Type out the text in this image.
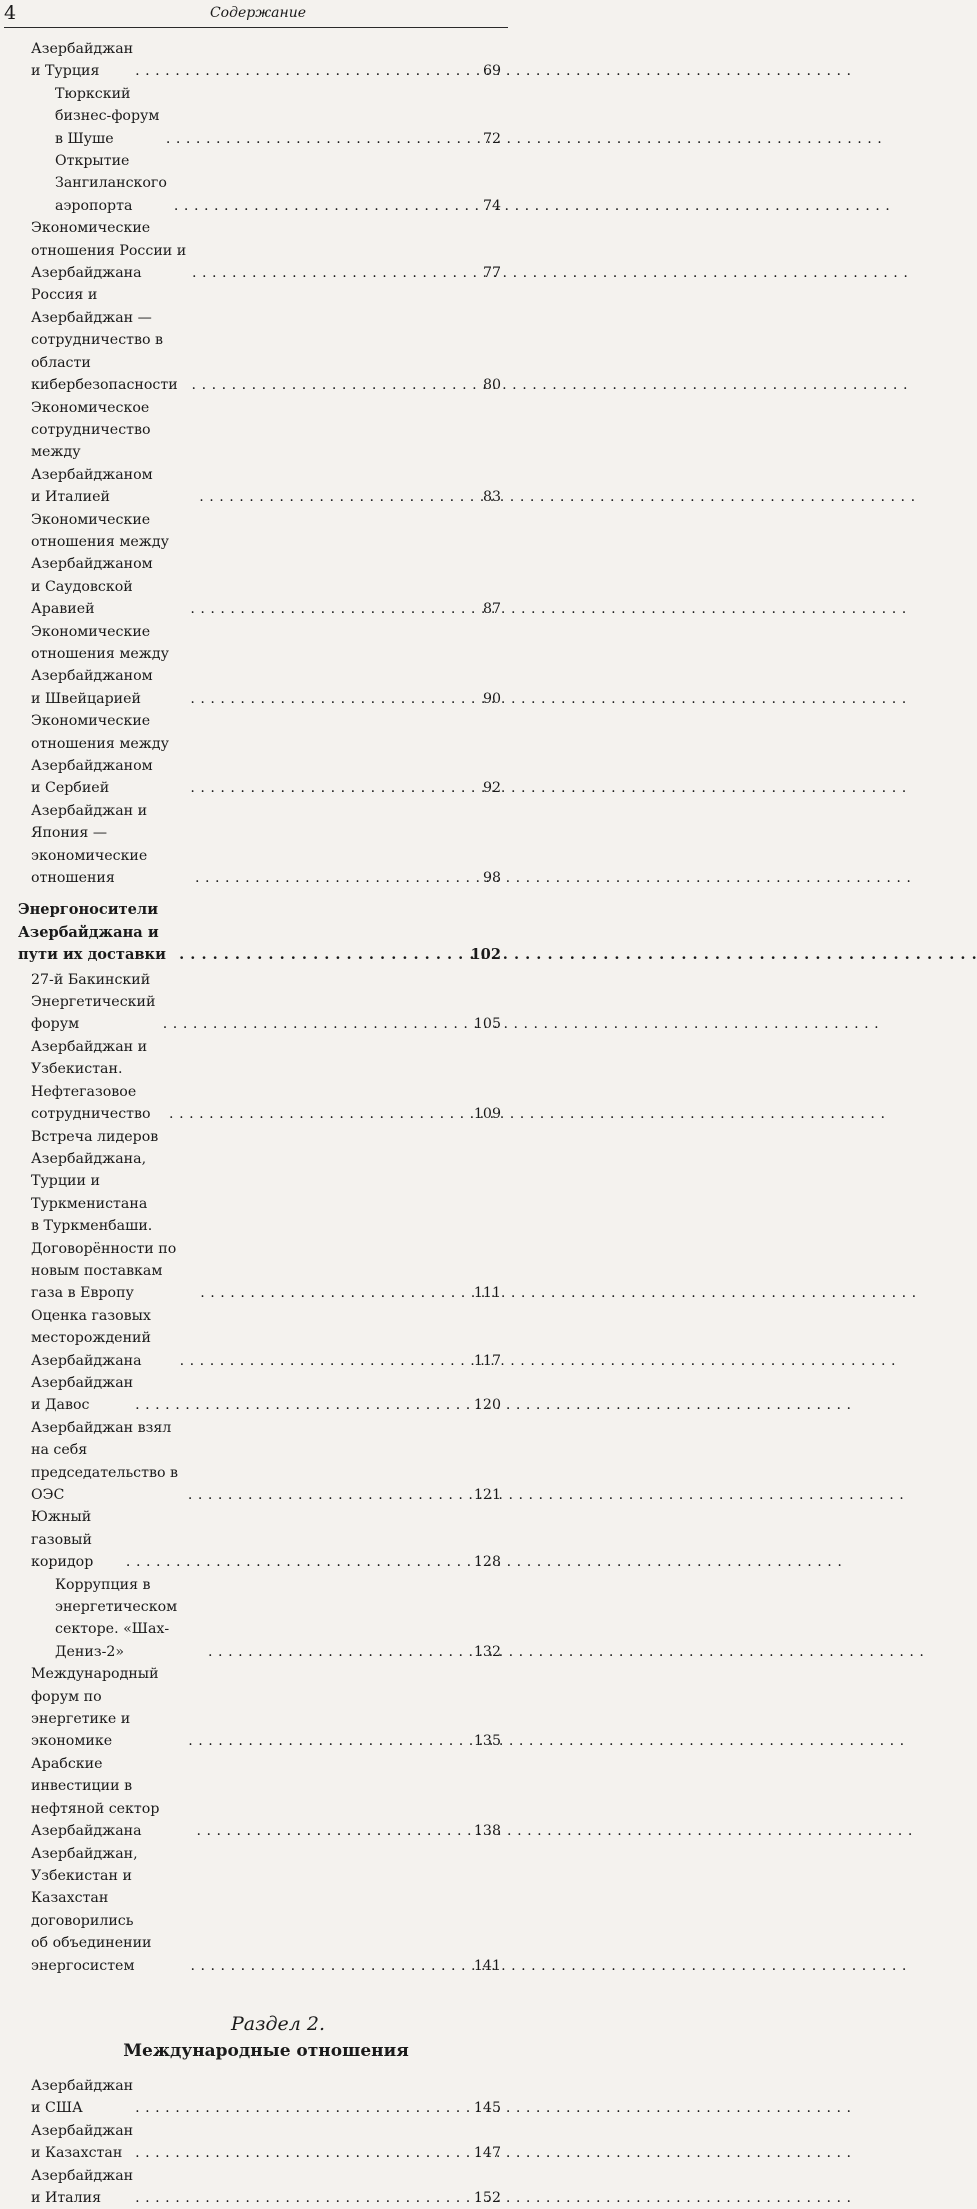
4	Содержание
Азербайджан и Турция . . .	69
Тюркский бизнес-форум в Шуше . . .	72
Открытие Зангиланского аэропорта . . .	74
Экономические отношения России и Азербайджана . . .	77
Россия и Азербайджан — сотрудничество в области
кибербезопасности . . .	80
Экономическое сотрудничество между Азербайджаном
и Италией . . .	83
Экономические отношения между Азербайджаном
и Саудовской Аравией . . .	87
Экономические отношения между Азербайджаном
и Швейцарией . . .	90
Экономические отношения между Азербайджаном
и Сербией . . .	92
Азербайджан и Япония — экономические отношения . . .	98
Энергоносители Азербайджана и пути их доставки . . .	102
27-й Бакинский Энергетический форум . . .	105
Азербайджан и Узбекистан. Нефтегазовое
сотрудничество . . .	109
Встреча лидеров Азербайджана, Турции и Туркменистана
в Туркменбаши. Договорённости по новым поставкам
газа в Европу . . .	111
Оценка газовых месторождений Азербайджана . . .	117
Азербайджан и Давос . . .	120
Азербайджан взял на себя председательство в ОЭС . . .	121
Южный газовый коридор . . .	128
Коррупция в энергетическом секторе. «Шах-Дениз-2» . . .	132
Международный форум по энергетике и экономике . . .	135
Арабские инвестиции в нефтяной сектор Азербайджана . . .	138
Азербайджан, Узбекистан и Казахстан договорились
об объединении энергосистем . . .	141
Раздел 2.
Международные отношения
Азербайджан и США . . .	145
Азербайджан и Казахстан . . .	147
Азербайджан и Италия . . .	152
